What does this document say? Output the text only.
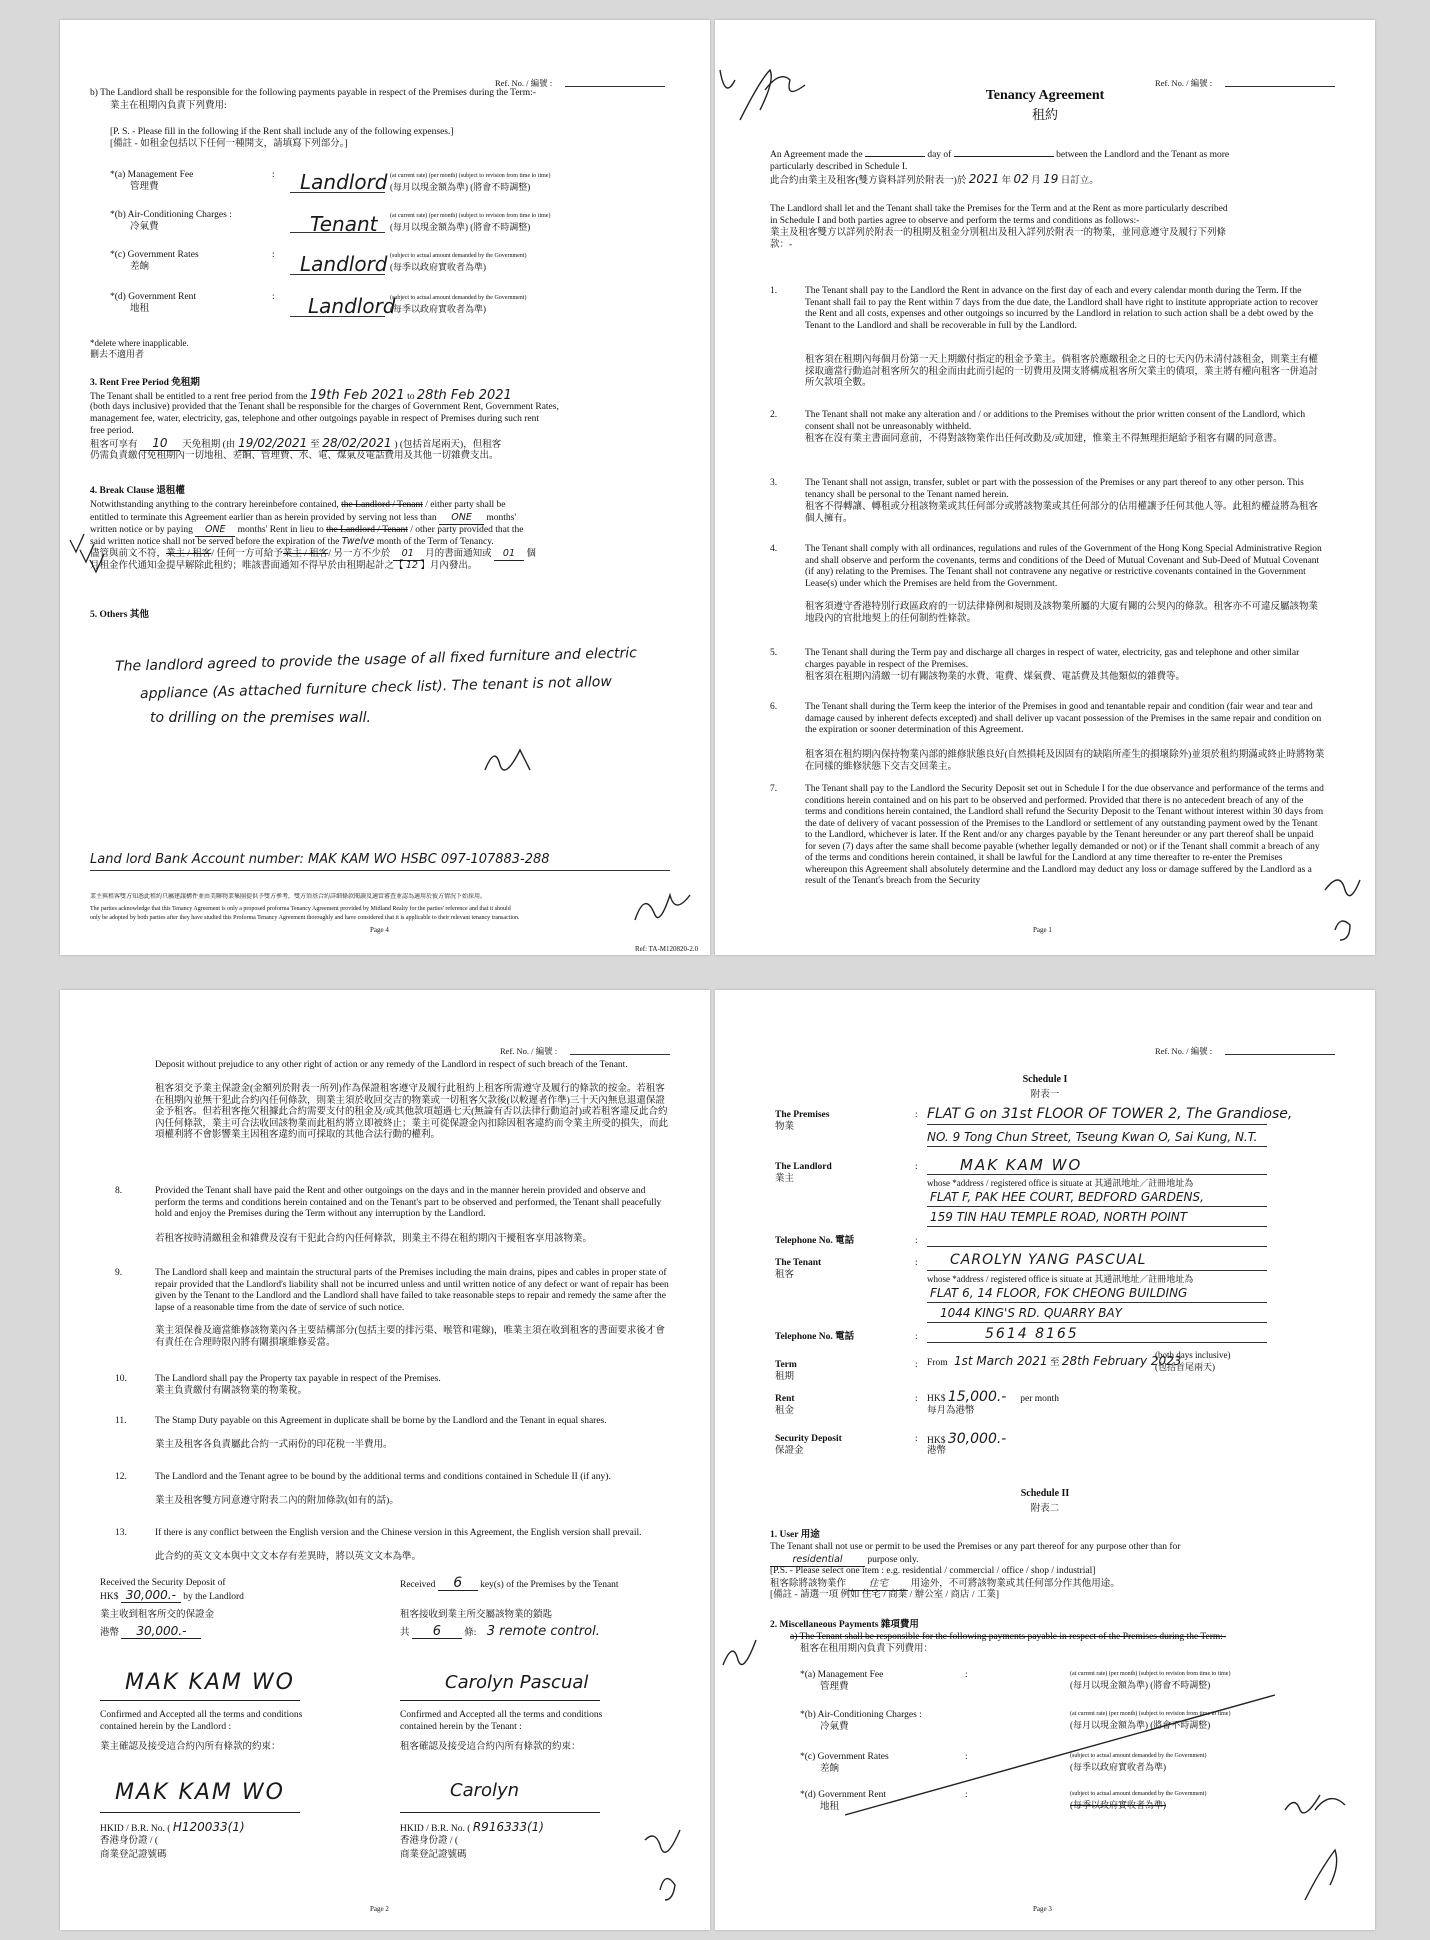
Ref. No. / 編號 :
b) The Landlord shall be responsible for the following payments payable in respect of the Premises during the Term:-
業主在租期內負責下列費用:
[P. S. - Please fill in the following if the Rent shall include any of the following expenses.]
[備註 - 如租金包括以下任何一種開支，請填寫下列部分。]
*(a) Management Fee
管理費
: Landlord (at current rate) (per month) (subject to revision from time to time)
(每月以現金額為準) (將會不時調整)
*(b) Air-Conditioning Charges :
冷氣費	Tenant (at current rate) (per month) (subject to revision from time to time)
(每月以現金額為準) (將會不時調整)
*(c) Government Rates
差餉
: Landlord (subject to actual amount demanded by the Government)
(每季以政府實收者為準)
*(d) Government Rent
地租
: Landlord
(subject to actual amount demanded by the Government)
(每季以政府實收者為準)
*delete where inapplicable.
刪去不適用者
3. Rent Free Period 免租期
The Tenant shall be entitled to a rent free period from the 19th Feb 2021 to 28th Feb 2021
(both days inclusive) provided that the Tenant shall be responsible for the charges of Government Rent, Government Rates,
management fee, water, electricity, gas, telephone and other outgoings payable in respect of Premises during such rent
free period.
租客可享有 10 天免租期 (由 19/02/2021 至 28/02/2021 ) (包括首尾兩天)，但租客
仍需負責繳付免租期內一切地租、差餉、管理費、水、電、煤氣及電話費用及其他一切雜費支出。
4. Break Clause 退租權
Notwithstanding anything to the contrary hereinbefore contained, the Landlord / Tenant / either party shall be
entitled to terminate this Agreement earlier than as herein provided by serving not less than ONE months'
written notice or by paying ONE months' Rent in lieu to the Landlord / Tenant / other party provided that the
said written notice shall not be served before the expiration of the Twelve month of the Term of Tenancy.
儘管與前文不符，業主 / 租客/ 任何一方可給予業主 / 租客/ 另一方不少於 01 月的書面通知或 01 個
月租金作代通知金提早解除此租約；唯該書面通知不得早於由租期起計之【 12 】月內發出。
5. Others 其他
The landlord agreed to provide the usage of all fixed furniture and electric
appliance (As attached furniture check list). The tenant is not allow
to drilling on the premises wall.
Land lord Bank Account number: MAK KAM WO HSBC 097-107883-288
業主與租客雙方知悉此租約只屬建議構件並由美聯物業集團提供予雙方參考，雙方須基合約詳細條款閱讀及適當審查並認為適用於彼方情況下始採用。
The parties acknowledge that this Tenancy Agreement is only a proposed proforma Tenancy Agreement provided by Midland Realty for the parties' reference and that it should
only be adopted by both parties after they have studied this Proforma Tenancy Agreement thoroughly and have considered that it is applicable to their relevant tenancy transaction.
Page 4
Ref: TA-M120820-2.0
Ref. No. / 編號 :
Tenancy Agreement
租約
An Agreement made the	day of	between the Landlord and the Tenant as more
particularly described in Schedule I.
此合約由業主及租客(雙方資料詳列於附表一)於 2021 年 02 月 19 日訂立。
The Landlord shall let and the Tenant shall take the Premises for the Term and at the Rent as more particularly described
in Schedule I and both parties agree to observe and perform the terms and conditions as follows:-
業主及租客雙方以詳列於附表一的租期及租金分別租出及租入詳列於附表一的物業，並同意遵守及履行下列條
款：-
1.	The Tenant shall pay to the Landlord the Rent in advance on the first day of each and every calendar month during the Term. If the Tenant shall fail to pay the Rent within 7 days from the due date, the Landlord shall have right to institute appropriate action to recover the Rent and all costs, expenses and other outgoings so incurred by the Landlord in relation to such action shall be a debt owed by the Tenant to the Landlord and shall be recoverable in full by the Landlord.
租客須在租期內每個月份第一天上期繳付指定的租金予業主。倘租客於應繳租金之日的七天內仍未清付該租金，則業主有權採取適當行動追討租客所欠的租金而由此而引起的一切費用及開支將構成租客所欠業主的債項，業主將有權向租客一併追討所欠款項全數。
2.	The Tenant shall not make any alteration and / or additions to the Premises without the prior written consent of the Landlord, which consent shall not be unreasonably withheld.
租客在沒有業主書面同意前，不得對該物業作出任何改動及/或加建，惟業主不得無理拒絕給予租客有關的同意書。
3.	The Tenant shall not assign, transfer, sublet or part with the possession of the Premises or any part thereof to any other person. This tenancy shall be personal to the Tenant named herein.
租客不得轉讓、轉租或分租該物業或其任何部分或將該物業或其任何部分的佔用權讓予任何其他人等。此租約權益將為租客個人擁有。
4.	The Tenant shall comply with all ordinances, regulations and rules of the Government of the Hong Kong Special Administrative Region and shall observe and perform the covenants, terms and conditions of the Deed of Mutual Covenant and Sub-Deed of Mutual Covenant (if any) relating to the Premises. The Tenant shall not contravene any negative or restrictive covenants contained in the Government Lease(s) under which the Premises are held from the Government.
租客須遵守香港特別行政區政府的一切法律條例和規則及該物業所屬的大廈有關的公契內的條款。租客亦不可違反屬該物業地段內的官批地契上的任何制約性條款。
5.	The Tenant shall during the Term pay and discharge all charges in respect of water, electricity, gas and telephone and other similar charges payable in respect of the Premises.
租客須在租期內清繳一切有關該物業的水費、電費、煤氣費、電話費及其他類似的雜費等。
6.	The Tenant shall during the Term keep the interior of the Premises in good and tenantable repair and condition (fair wear and tear and damage caused by inherent defects excepted) and shall deliver up vacant possession of the Premises in the same repair and condition on the expiration or sooner determination of this Agreement.
租客須在租約期內保持物業內部的維修狀態良好(自然損耗及因固有的缺陷所產生的損壞除外)並須於租約期滿或終止時將物業在同樣的維修狀態下交吉交回業主。
7.	The Tenant shall pay to the Landlord the Security Deposit set out in Schedule I for the due observance and performance of the terms and conditions herein contained and on his part to be observed and performed. Provided that there is no antecedent breach of any of the terms and conditions herein contained, the Landlord shall refund the Security Deposit to the Tenant without interest within 30 days from the date of delivery of vacant possession of the Premises to the Landlord or settlement of any outstanding payment owed by the Tenant to the Landlord, whichever is later. If the Rent and/or any charges payable by the Tenant hereunder or any part thereof shall be unpaid for seven (7) days after the same shall become payable (whether legally demanded or not) or if the Tenant shall commit a breach of any of the terms and conditions herein contained, it shall be lawful for the Landlord at any time thereafter to re-enter the Premises whereupon this Agreement shall absolutely determine and the Landlord may deduct any loss or damage suffered by the Landlord as a result of the Tenant's breach from the Security
Page 1
Ref. No. / 編號 :
Deposit without prejudice to any other right of action or any remedy of the Landlord in respect of such breach of the Tenant.
租客須交予業主保證金(金額列於附表一所列)作為保證租客遵守及履行此租約上租客所需遵守及履行的條款的按金。若租客在租期內並無干犯此合約內任何條款，則業主須於收回交吉的物業或一切租客欠款後(以較遲者作準)三十天內無息退還保證金予租客。但若租客拖欠租據此合約需要支付的租金及/或其他款項超過七天(無論有否以法律行動追討)或若租客違反此合約內任何條款，業主可合法收回該物業而此租約將立即被終止；業主可從保證金內扣除因租客違約而令業主所受的損失，而此項權利將不會影響業主因租客違約而可採取的其他合法行動的權利。
8.	Provided the Tenant shall have paid the Rent and other outgoings on the days and in the manner herein provided and observe and perform the terms and conditions herein contained and on the Tenant's part to be observed and performed, the Tenant shall peacefully hold and enjoy the Premises during the Term without any interruption by the Landlord.
若租客按時清繳租金和雜費及沒有干犯此合約內任何條款，則業主不得在租約期內干擾租客享用該物業。
9.	The Landlord shall keep and maintain the structural parts of the Premises including the main drains, pipes and cables in proper state of repair provided that the Landlord's liability shall not be incurred unless and until written notice of any defect or want of repair has been given by the Tenant to the Landlord and the Landlord shall have failed to take reasonable steps to repair and remedy the same after the lapse of a reasonable time from the date of service of such notice.
業主須保養及適當維修該物業內各主要結構部分(包括主要的排污渠、喉管和電線)，唯業主須在收到租客的書面要求後才會有責任在合理時限內將有關損壞維修妥當。
10.	The Landlord shall pay the Property tax payable in respect of the Premises.
業主負責繳付有關該物業的物業稅。
11.	The Stamp Duty payable on this Agreement in duplicate shall be borne by the Landlord and the Tenant in equal shares.
業主及租客各負責屬此合約一式兩份的印花稅一半費用。
12.	The Landlord and the Tenant agree to be bound by the additional terms and conditions contained in Schedule II (if any).
業主及租客雙方同意遵守附表二內的附加條款(如有的話)。
13.	If there is any conflict between the English version and the Chinese version in this Agreement, the English version shall prevail.
此合約的英文文本與中文文本存有差異時，將以英文文本為準。
Received the Security Deposit of
HK$ 30,000.- by the Landlord
業主收到租客所交的保證金
港幣 30,000.-
Received 6 key(s) of the Premises by the Tenant
租客接收到業主所交屬該物業的鎖匙
共 6 條: 3 remote control.
MAK KAM WO	Carolyn Pascual
Confirmed and Accepted all the terms and conditions
contained herein by the Landlord :
業主確認及接受這合約內所有條款的約束：
Confirmed and Accepted all the terms and conditions
contained herein by the Tenant :
租客確認及接受這合約內所有條款的約束：
MAK KAM WO	Carolyn
HKID / B.R. No. ( H120033(1)
香港身份證 / (
商業登記證號碼
HKID / B.R. No. ( R916333(1)
香港身份證 / (
商業登記證號碼
Page 2
Ref. No. / 編號 :
Schedule I
附表一
The Premises
物業
: FLAT G on 31st FLOOR OF TOWER 2, The Grandiose,
NO. 9 Tong Chun Street, Tseung Kwan O, Sai Kung, N.T.
The Landlord
業主
:	MAK KAM WO
whose *address / registered office is situate at 其通訊地址／註冊地址為
FLAT F, PAK HEE COURT, BEDFORD GARDENS,
159 TIN HAU TEMPLE ROAD, NORTH POINT
Telephone No. 電話	:
The Tenant
租客
: CAROLYN YANG PASCUAL
whose *address / registered office is situate at 其通訊地址／註冊地址為
FLAT 6, 14 FLOOR, FOK CHEONG BUILDING
1044 KING'S RD. QUARRY BAY
Telephone No. 電話	:	5614 8165
Term
租期
: From 1st March 2021 至 28th February 2023
(both days inclusive)
(包括首尾兩天)
Rent
租金
: HK$ 15,000.- per month
每月為港幣
Security Deposit
保證金
: HK$ 30,000.-
港幣
Schedule II
附表二
1. User 用途
The Tenant shall not use or permit to be used the Premises or any part thereof for any purpose other than for
residential	purpose only.
[P.S. - Please select one item : e.g. residential / commercial / office / shop / industrial]
租客除將該物業作 住宅 用途外，不可將該物業或其任何部分作其他用途。
[備註 - 請選一項 例如 住宅 / 商業 / 辦公室 / 商店 / 工業]
2. Miscellaneous Payments 雜項費用
a) The Tenant shall be responsible for the following payments payable in respect of the Premises during the Term:-
租客在租用期內負責下列費用：
*(a) Management Fee
管理費
:	(at current rate) (per month) (subject to revision from time to time)
(每月以現金額為準) (將會不時調整)
*(b) Air-Conditioning Charges :
冷氣費
(at current rate) (per month) (subject to revision from time to time)
(每月以現金額為準) (將會不時調整)
*(c) Government Rates
差餉
:	(subject to actual amount demanded by the Government)
(每季以政府實收者為準)
*(d) Government Rent
地租
:	(subject to actual amount demanded by the Government)
(每季以政府實收者為準)
Page 3
